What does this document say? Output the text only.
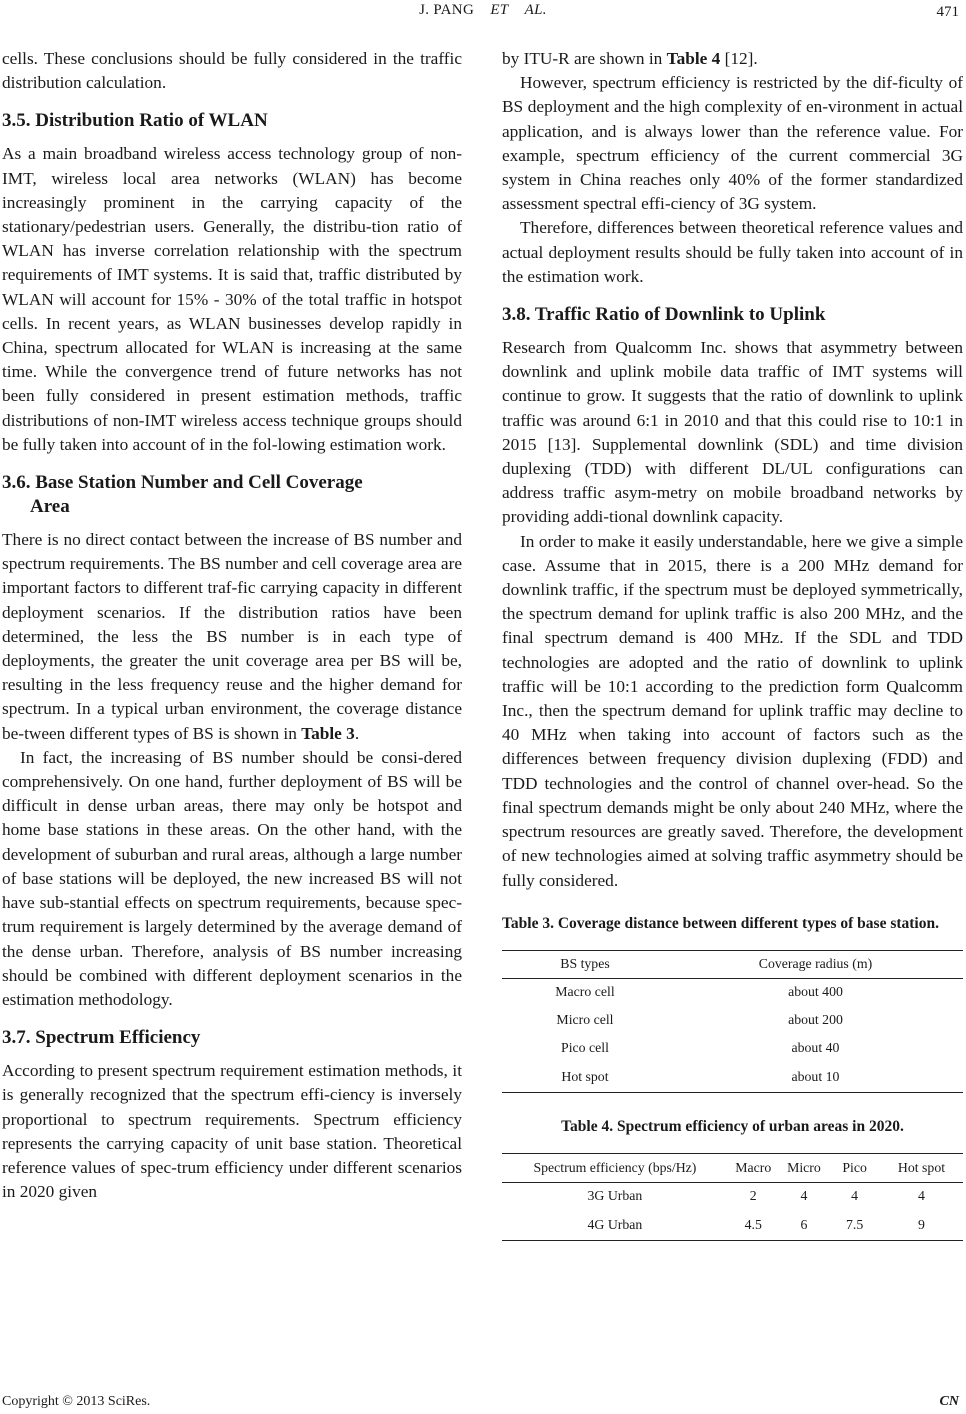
J. PANG ET AL.	471

cells. These conclusions should be fully considered in the traffic distribution calculation.

3.5. Distribution Ratio of WLAN

As a main broadband wireless access technology group of non-IMT, wireless local area networks (WLAN) has become increasingly prominent in the carrying capacity of the stationary/pedestrian users. Generally, the distribu-tion ratio of WLAN has inverse correlation relationship with the spectrum requirements of IMT systems. It is said that, traffic distributed by WLAN will account for 15% - 30% of the total traffic in hotspot cells. In recent years, as WLAN businesses develop rapidly in China, spectrum allocated for WLAN is increasing at the same time. While the convergence trend of future networks has not been fully considered in present estimation methods, traffic distributions of non-IMT wireless access technique groups should be fully taken into account of in the fol-lowing estimation work.

3.6. Base Station Number and Cell Coverage
Area

There is no direct contact between the increase of BS number and spectrum requirements. The BS number and cell coverage area are important factors to different traf-fic carrying capacity in different deployment scenarios. If the distribution ratios have been determined, the less the BS number is in each type of deployments, the greater the unit coverage area per BS will be, resulting in the less frequency reuse and the higher demand for spectrum. In a typical urban environment, the coverage distance be-tween different types of BS is shown in Table 3.

In fact, the increasing of BS number should be consi-dered comprehensively. On one hand, further deployment of BS will be difficult in dense urban areas, there may only be hotspot and home base stations in these areas. On the other hand, with the development of suburban and rural areas, although a large number of base stations will be deployed, the new increased BS will not have sub-stantial effects on spectrum requirements, because spec-trum requirement is largely determined by the average demand of the dense urban. Therefore, analysis of BS number increasing should be combined with different deployment scenarios in the estimation methodology.

3.7. Spectrum Efficiency

According to present spectrum requirement estimation methods, it is generally recognized that the spectrum effi-ciency is inversely proportional to spectrum requirements. Spectrum efficiency represents the carrying capacity of unit base station. Theoretical reference values of spec-trum efficiency under different scenarios in 2020 given

by ITU-R are shown in Table 4 [12].

However, spectrum efficiency is restricted by the dif-ficulty of BS deployment and the high complexity of en-vironment in actual application, and is always lower than the reference value. For example, spectrum efficiency of the current commercial 3G system in China reaches only 40% of the former standardized assessment spectral effi-ciency of 3G system.

Therefore, differences between theoretical reference values and actual deployment results should be fully taken into account of in the estimation work.

3.8. Traffic Ratio of Downlink to Uplink

Research from Qualcomm Inc. shows that asymmetry between downlink and uplink mobile data traffic of IMT systems will continue to grow. It suggests that the ratio of downlink to uplink traffic was around 6:1 in 2010 and that this could rise to 10:1 in 2015 [13]. Supplemental downlink (SDL) and time division duplexing (TDD) with different DL/UL configurations can address traffic asym-metry on mobile broadband networks by providing addi-tional downlink capacity.

In order to make it easily understandable, here we give a simple case. Assume that in 2015, there is a 200 MHz demand for downlink traffic, if the spectrum must be deployed symmetrically, the spectrum demand for uplink traffic is also 200 MHz, and the final spectrum demand is 400 MHz. If the SDL and TDD technologies are adopted and the ratio of downlink to uplink traffic will be 10:1 according to the prediction form Qualcomm Inc., then the spectrum demand for uplink traffic may decline to 40 MHz when taking into account of factors such as the differences between frequency division duplexing (FDD) and TDD technologies and the control of channel over-head. So the final spectrum demands might be only about 240 MHz, where the spectrum resources are greatly saved. Therefore, the development of new technologies aimed at solving traffic asymmetry should be fully considered.

Table 3. Coverage distance between different types of base station.

BS types	Coverage radius (m)
Macro cell	about 400
Micro cell	about 200
Pico cell	about 40
Hot spot	about 10

Table 4. Spectrum efficiency of urban areas in 2020.

Spectrum efficiency (bps/Hz)	Macro	Micro	Pico	Hot spot
3G Urban	2	4	4	4
4G Urban	4.5	6	7.5	9
Copyright © 2013 SciRes.	CN
